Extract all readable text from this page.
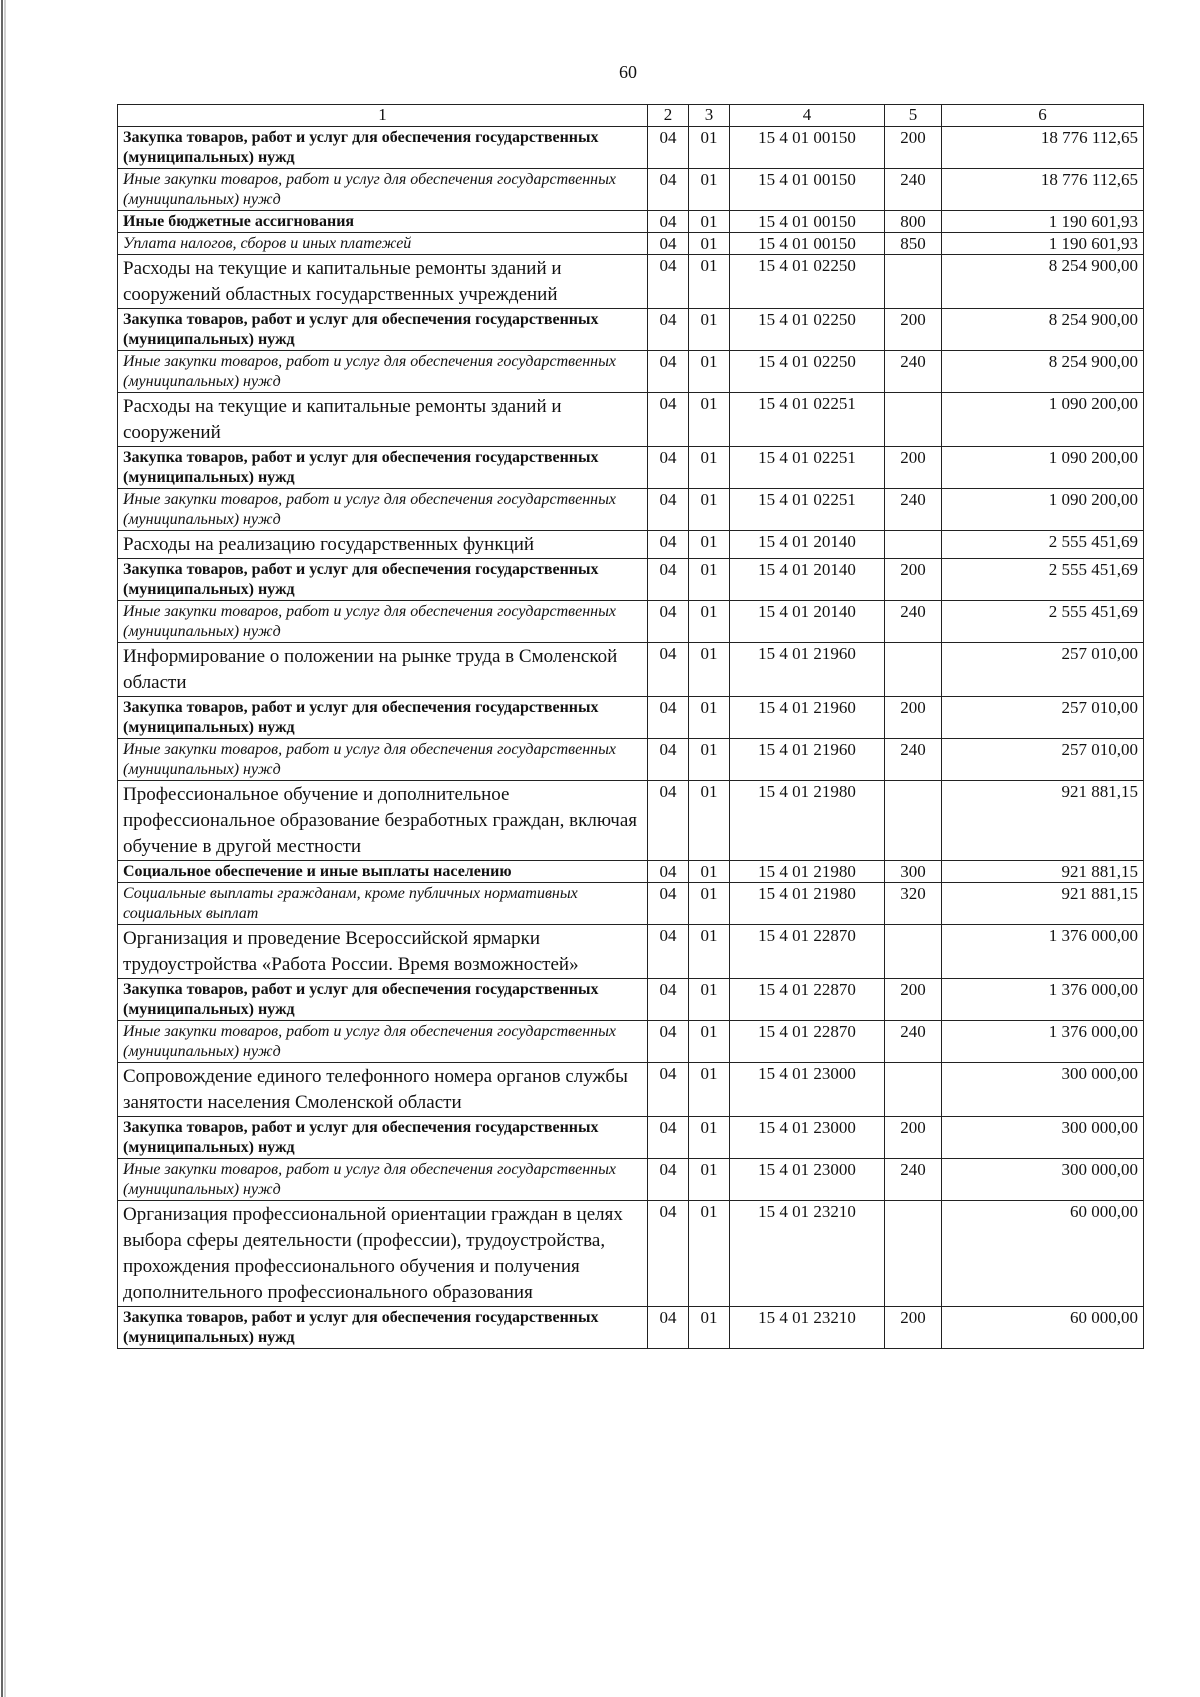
60
1	2	3	4	5	6
Закупка товаров, работ и услуг для обеспечения государственных (муниципальных) нужд	04	01	15 4 01 00150	200	18 776 112,65
Иные закупки товаров, работ и услуг для обеспечения государственных (муниципальных) нужд	04	01	15 4 01 00150	240	18 776 112,65
Иные бюджетные ассигнования	04	01	15 4 01 00150	800	1 190 601,93
Уплата налогов, сборов и иных платежей	04	01	15 4 01 00150	850	1 190 601,93
Расходы на текущие и капитальные ремонты зданий и сооружений областных государственных учреждений	04	01	15 4 01 02250		8 254 900,00
Закупка товаров, работ и услуг для обеспечения государственных (муниципальных) нужд	04	01	15 4 01 02250	200	8 254 900,00
Иные закупки товаров, работ и услуг для обеспечения государственных (муниципальных) нужд	04	01	15 4 01 02250	240	8 254 900,00
Расходы на текущие и капитальные ремонты зданий и сооружений	04	01	15 4 01 02251		1 090 200,00
Закупка товаров, работ и услуг для обеспечения государственных (муниципальных) нужд	04	01	15 4 01 02251	200	1 090 200,00
Иные закупки товаров, работ и услуг для обеспечения государственных (муниципальных) нужд	04	01	15 4 01 02251	240	1 090 200,00
Расходы на реализацию государственных функций	04	01	15 4 01 20140		2 555 451,69
Закупка товаров, работ и услуг для обеспечения государственных (муниципальных) нужд	04	01	15 4 01 20140	200	2 555 451,69
Иные закупки товаров, работ и услуг для обеспечения государственных (муниципальных) нужд	04	01	15 4 01 20140	240	2 555 451,69
Информирование о положении на рынке труда в Смоленской области	04	01	15 4 01 21960		257 010,00
Закупка товаров, работ и услуг для обеспечения государственных (муниципальных) нужд	04	01	15 4 01 21960	200	257 010,00
Иные закупки товаров, работ и услуг для обеспечения государственных (муниципальных) нужд	04	01	15 4 01 21960	240	257 010,00
Профессиональное обучение и дополнительное профессиональное образование безработных граждан, включая обучение в другой местности	04	01	15 4 01 21980		921 881,15
Социальное обеспечение и иные выплаты населению	04	01	15 4 01 21980	300	921 881,15
Социальные выплаты гражданам, кроме публичных нормативных социальных выплат	04	01	15 4 01 21980	320	921 881,15
Организация и проведение Всероссийской ярмарки трудоустройства «Работа России. Время возможностей»	04	01	15 4 01 22870		1 376 000,00
Закупка товаров, работ и услуг для обеспечения государственных (муниципальных) нужд	04	01	15 4 01 22870	200	1 376 000,00
Иные закупки товаров, работ и услуг для обеспечения государственных (муниципальных) нужд	04	01	15 4 01 22870	240	1 376 000,00
Сопровождение единого телефонного номера органов службы занятости населения Смоленской области	04	01	15 4 01 23000		300 000,00
Закупка товаров, работ и услуг для обеспечения государственных (муниципальных) нужд	04	01	15 4 01 23000	200	300 000,00
Иные закупки товаров, работ и услуг для обеспечения государственных (муниципальных) нужд	04	01	15 4 01 23000	240	300 000,00
Организация профессиональной ориентации граждан в целях выбора сферы деятельности (профессии), трудоустройства, прохождения профессионального обучения и получения дополнительного профессионального образования	04	01	15 4 01 23210		60 000,00
Закупка товаров, работ и услуг для обеспечения государственных (муниципальных) нужд	04	01	15 4 01 23210	200	60 000,00
